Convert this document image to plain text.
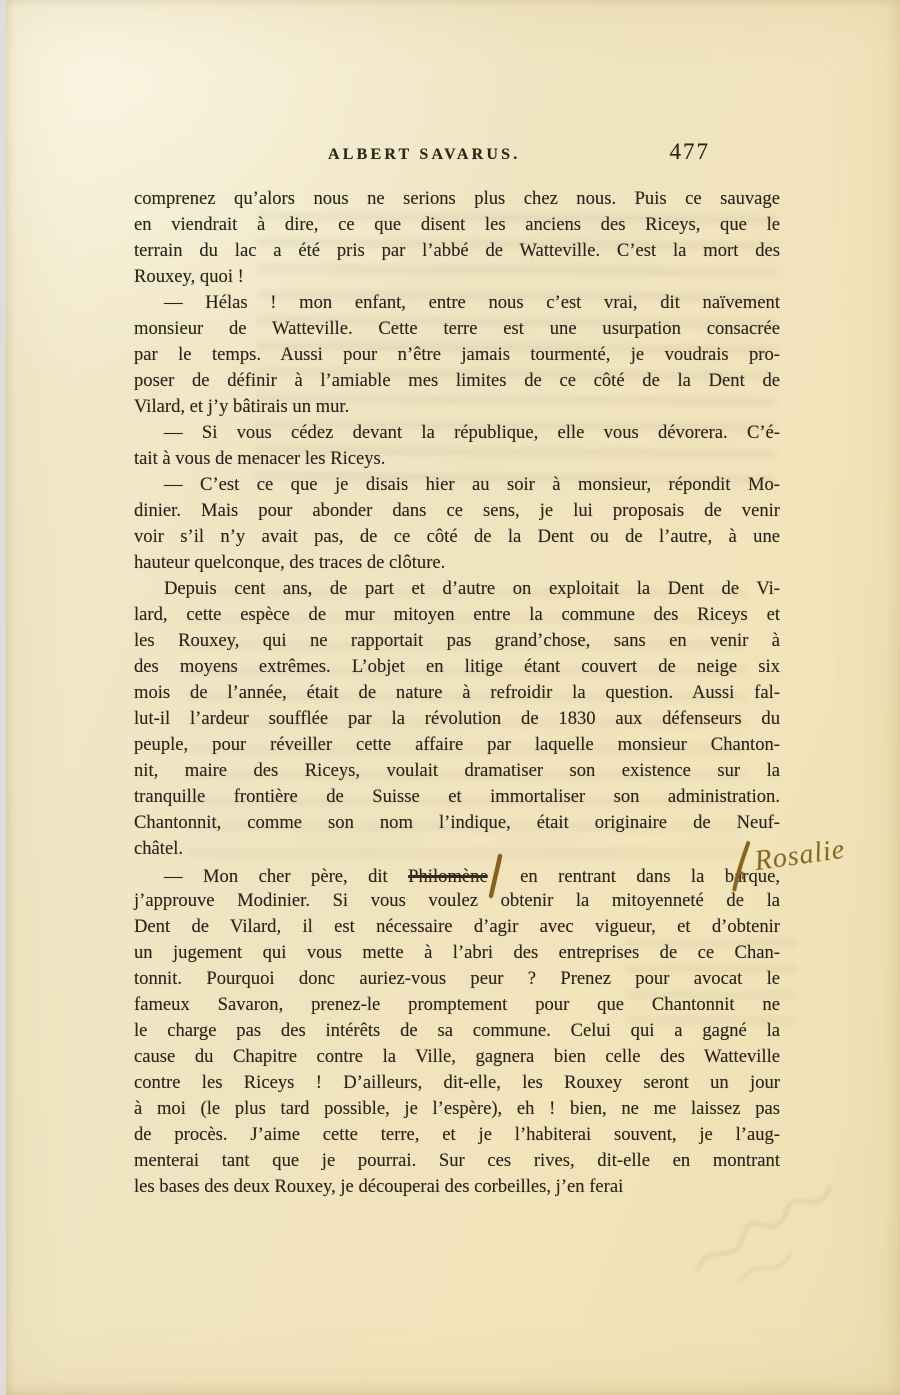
ALBERT SAVARUS.	477
comprenez qu’alors nous ne serions plus chez nous. Puis ce sauvage
en viendrait à dire, ce que disent les anciens des Riceys, que le
terrain du lac a été pris par l’abbé de Watteville. C’est la mort des
Rouxey, quoi !
— Hélas ! mon enfant, entre nous c’est vrai, dit naïvement
monsieur de Watteville. Cette terre est une usurpation consacrée
par le temps. Aussi pour n’être jamais tourmenté, je voudrais pro-
poser de définir à l’amiable mes limites de ce côté de la Dent de
Vilard, et j’y bâtirais un mur.
— Si vous cédez devant la république, elle vous dévorera. C’é-
tait à vous de menacer les Riceys.
— C’est ce que je disais hier au soir à monsieur, répondit Mo-
dinier. Mais pour abonder dans ce sens, je lui proposais de venir
voir s’il n’y avait pas, de ce côté de la Dent ou de l’autre, à une
hauteur quelconque, des traces de clôture.
Depuis cent ans, de part et d’autre on exploitait la Dent de Vi-
lard, cette espèce de mur mitoyen entre la commune des Riceys et
les Rouxey, qui ne rapportait pas grand’chose, sans en venir à
des moyens extrêmes. L’objet en litige étant couvert de neige six
mois de l’année, était de nature à refroidir la question. Aussi fal-
lut-il l’ardeur soufflée par la révolution de 1830 aux défenseurs du
peuple, pour réveiller cette affaire par laquelle monsieur Chanton-
nit, maire des Riceys, voulait dramatiser son existence sur la
tranquille frontière de Suisse et immortaliser son administration.
Chantonnit, comme son nom l’indique, était originaire de Neuf-
châtel.
— Mon cher père, dit Philomène
en rentrant dans la barque,
j’approuve Modinier. Si vous voulez obtenir la mitoyenneté de la
Dent de Vilard, il est nécessaire d’agir avec vigueur, et d’obtenir
un jugement qui vous mette à l’abri des entreprises de ce Chan-
tonnit. Pourquoi donc auriez-vous peur ? Prenez pour avocat le
fameux Savaron, prenez-le promptement pour que Chantonnit ne
le charge pas des intérêts de sa commune. Celui qui a gagné la
cause du Chapitre contre la Ville, gagnera bien celle des Watteville
contre les Riceys ! D’ailleurs, dit-elle, les Rouxey seront un jour
à moi (le plus tard possible, je l’espère), eh ! bien, ne me laissez pas
de procès. J’aime cette terre, et je l’habiterai souvent, je l’aug-
menterai tant que je pourrai. Sur ces rives, dit-elle en montrant
les bases des deux Rouxey, je découperai des corbeilles, j’en ferai
Rosalie
